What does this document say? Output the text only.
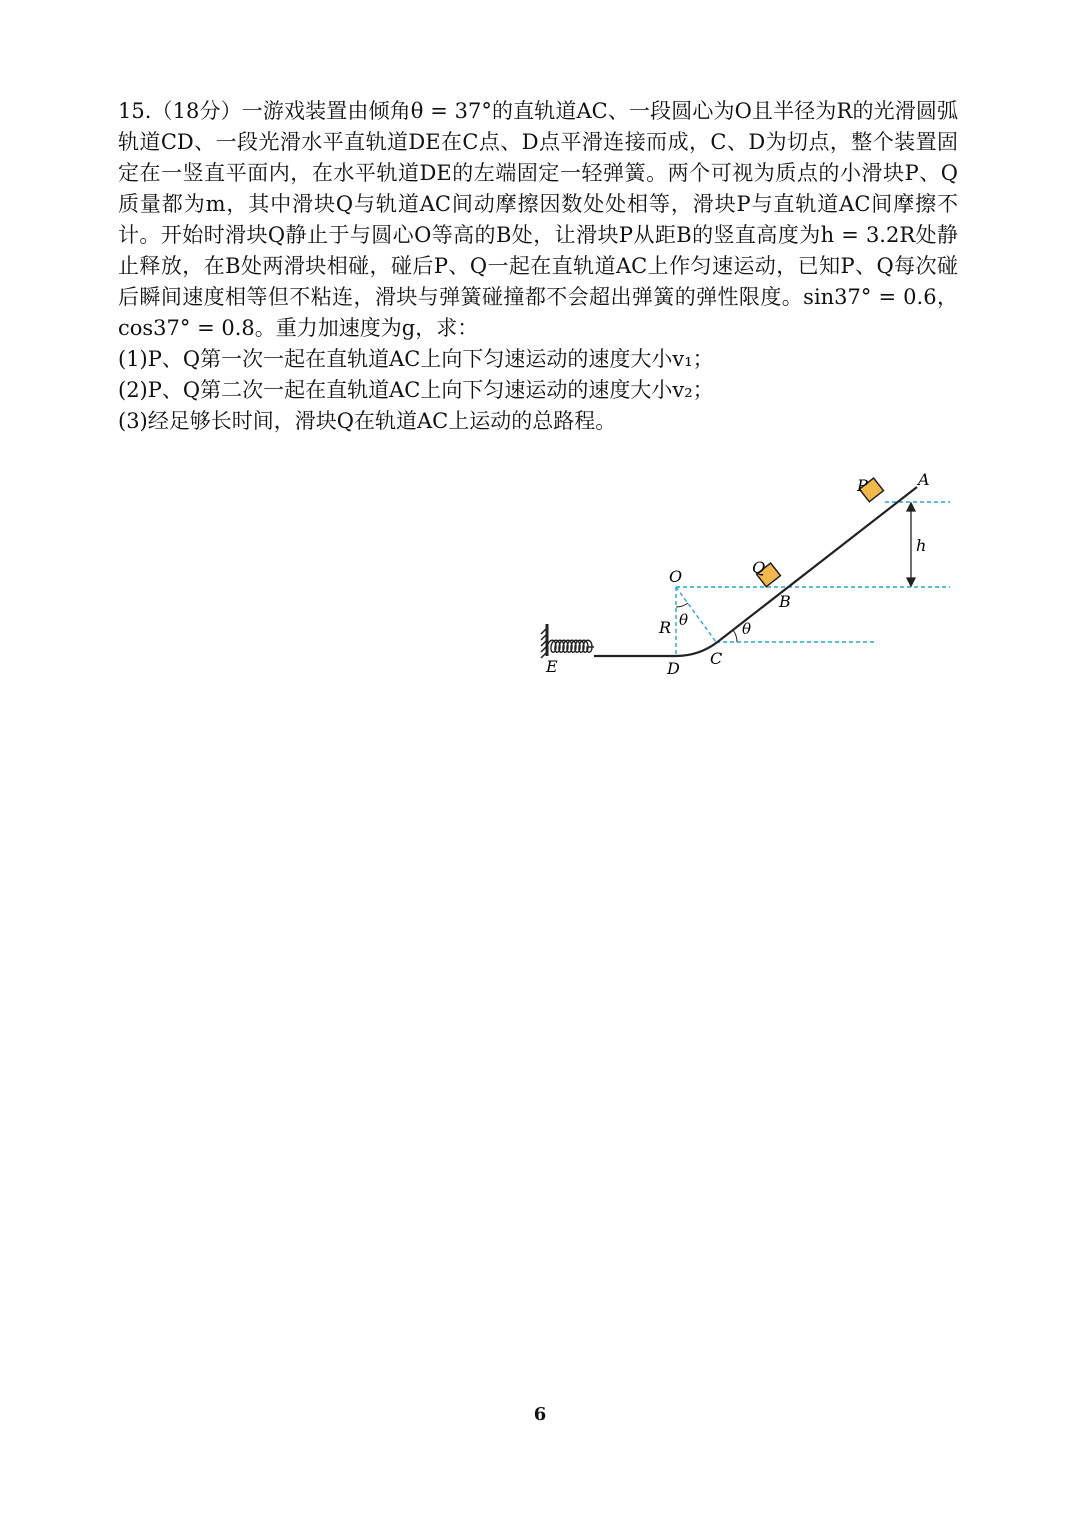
15.（18分）一游戏装置由倾角θ = 37°的直轨道AC、一段圆心为O且半径为R的光滑圆弧轨道CD、一段光滑水平直轨道DE在C点、D点平滑连接而成，C、D为切点，整个装置固定在一竖直平面内，在水平轨道DE的左端固定一轻弹簧。两个可视为质点的小滑块P、Q质量都为m，其中滑块Q与轨道AC间动摩擦因数处处相等，滑块P与直轨道AC间摩擦不计。开始时滑块Q静止于与圆心O等高的B处，让滑块P从距B的竖直高度为h = 3.2R处静止释放，在B处两滑块相碰，碰后P、Q一起在直轨道AC上作匀速运动，已知P、Q每次碰后瞬间速度相等但不粘连，滑块与弹簧碰撞都不会超出弹簧的弹性限度。sin37° = 0.6，cos37° = 0.8。重力加速度为g，求：

(1)P、Q第一次一起在直轨道AC上向下匀速运动的速度大小v₁；

(2)P、Q第二次一起在直轨道AC上向下匀速运动的速度大小v₂；

(3)经足够长时间，滑块Q在轨道AC上运动的总路程。

A
P
h
Q
B
O
R θ	θ
C
D
E
6
